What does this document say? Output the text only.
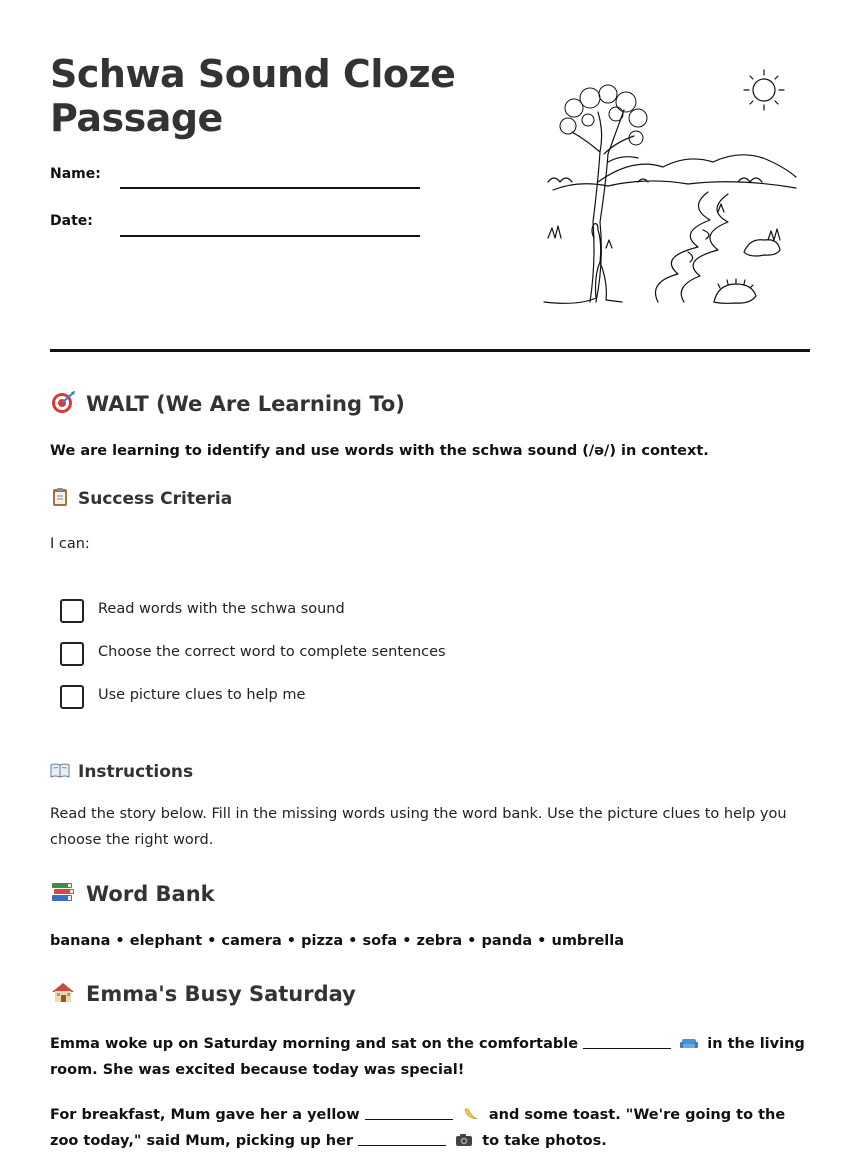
Schwa Sound Cloze Passage
Name:
Date:
WALT (We Are Learning To)
We are learning to identify and use words with the schwa sound (/ə/) in context.
Success Criteria
I can:
Read words with the schwa sound
Choose the correct word to complete sentences
Use picture clues to help me
Instructions
Read the story below. Fill in the missing words using the word bank. Use the picture clues to help you choose the right word.
Word Bank
banana • elephant • camera • pizza • sofa • zebra • panda • umbrella
Emma's Busy Saturday
Emma woke up on Saturday morning and sat on the comfortable	in the living room. She was excited because today was special!
For breakfast, Mum gave her a yellow	and some toast. "We're going to the zoo today," said Mum, picking up her	to take photos.
